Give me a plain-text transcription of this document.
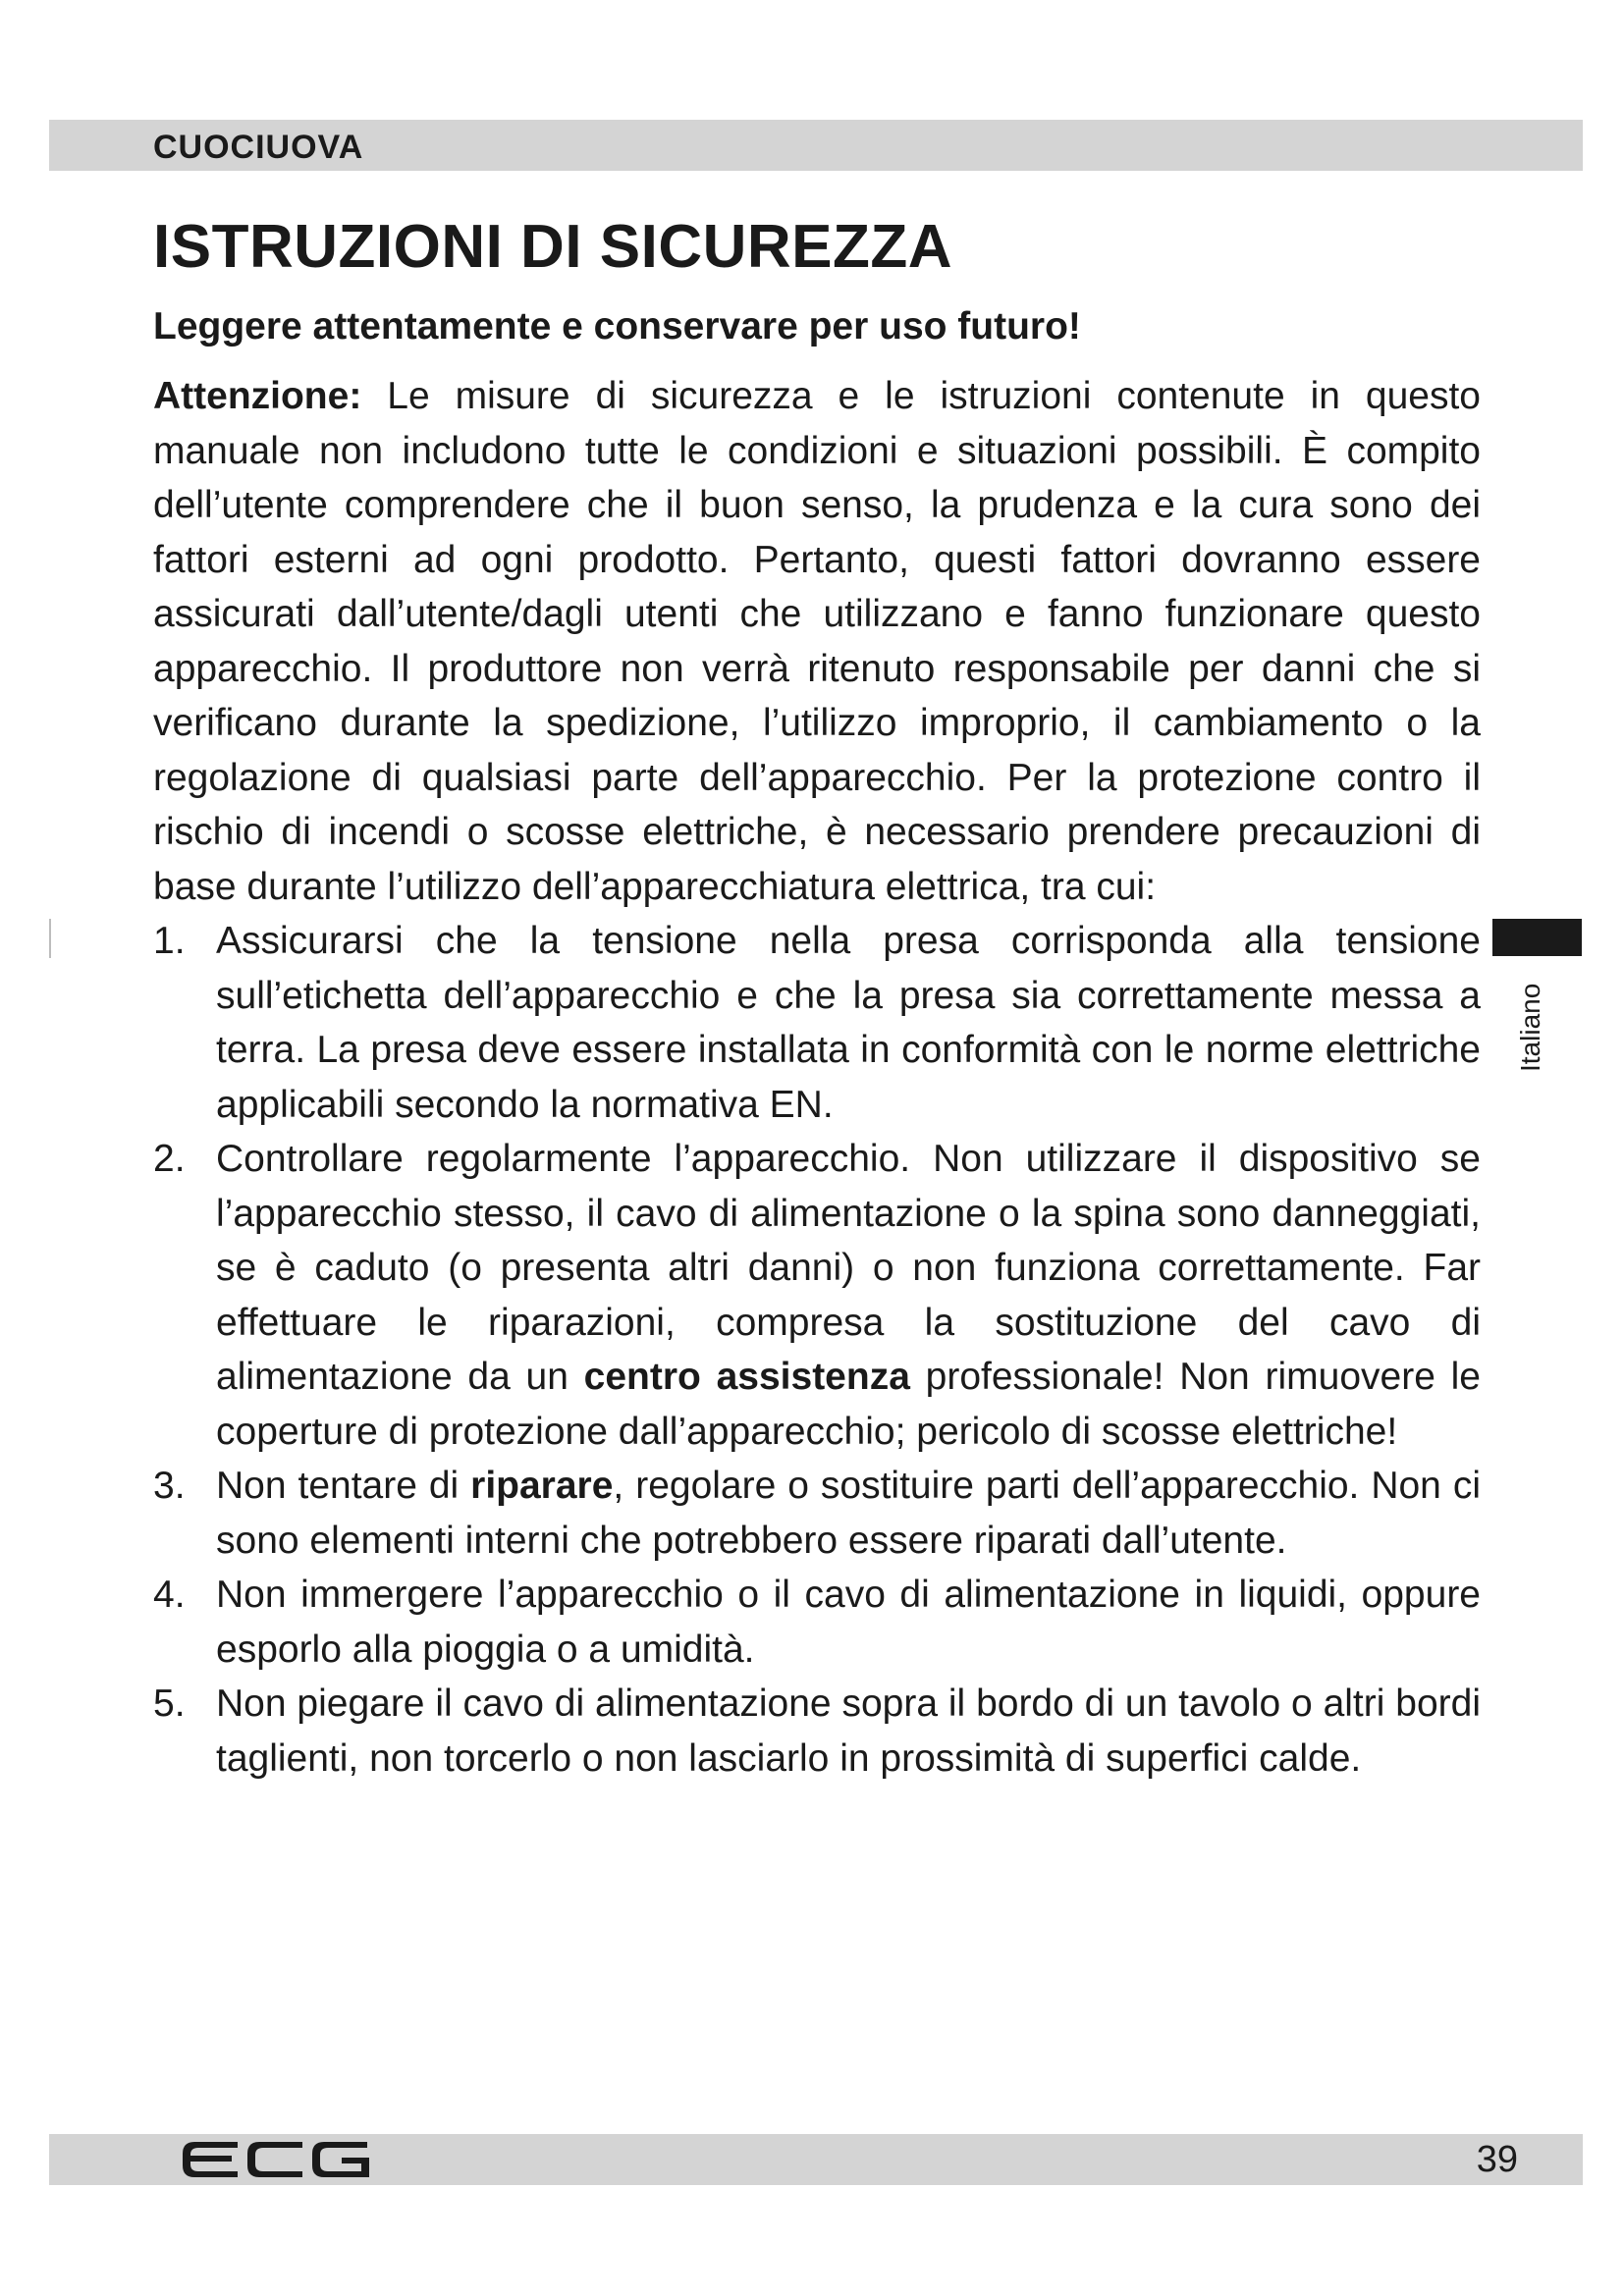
CUOCIUOVA
ISTRUZIONI DI SICUREZZA

Leggere attentamente e conservare per uso futuro!

Attenzione: Le misure di sicurezza e le istruzioni contenute in questo manuale non includono tutte le condizioni e situazioni possibili. È compito dell’utente comprendere che il buon senso, la prudenza e la cura sono dei fattori esterni ad ogni prodotto. Pertanto, questi fattori dovranno essere assicurati dall’utente/dagli utenti che utilizzano e fanno funzionare questo apparecchio. Il produttore non verrà ritenuto responsabile per danni che si verificano durante la spedizione, l’utilizzo improprio, il cambiamento o la regolazione di qualsiasi parte dell’apparecchio. Per la protezione contro il rischio di incendi o scosse elettriche, è necessario prendere precauzioni di base durante l’utilizzo dell’apparecchiatura elettrica, tra cui:

1. Assicurarsi che la tensione nella presa corrisponda alla tensione sull’etichetta dell’apparecchio e che la presa sia correttamente messa a terra. La presa deve essere installata in conformità con le norme elettriche applicabili secondo la normativa EN.
2. Controllare regolarmente l’apparecchio. Non utilizzare il dispositivo se l’apparecchio stesso, il cavo di alimentazione o la spina sono danneggiati, se è caduto (o presenta altri danni) o non funziona correttamente. Far effettuare le riparazioni, compresa la sostituzione del cavo di alimentazione da un centro assistenza professionale! Non rimuovere le coperture di protezione dall’apparecchio; pericolo di scosse elettriche!
3. Non tentare di riparare, regolare o sostituire parti dell’apparecchio. Non ci sono elementi interni che potrebbero essere riparati dall’utente.
4. Non immergere l’apparecchio o il cavo di alimentazione in liquidi, oppure esporlo alla pioggia o a umidità.
5. Non piegare il cavo di alimentazione sopra il bordo di un tavolo o altri bordi taglienti, non torcerlo o non lasciarlo in prossimità di superfici calde.
Italiano
39
